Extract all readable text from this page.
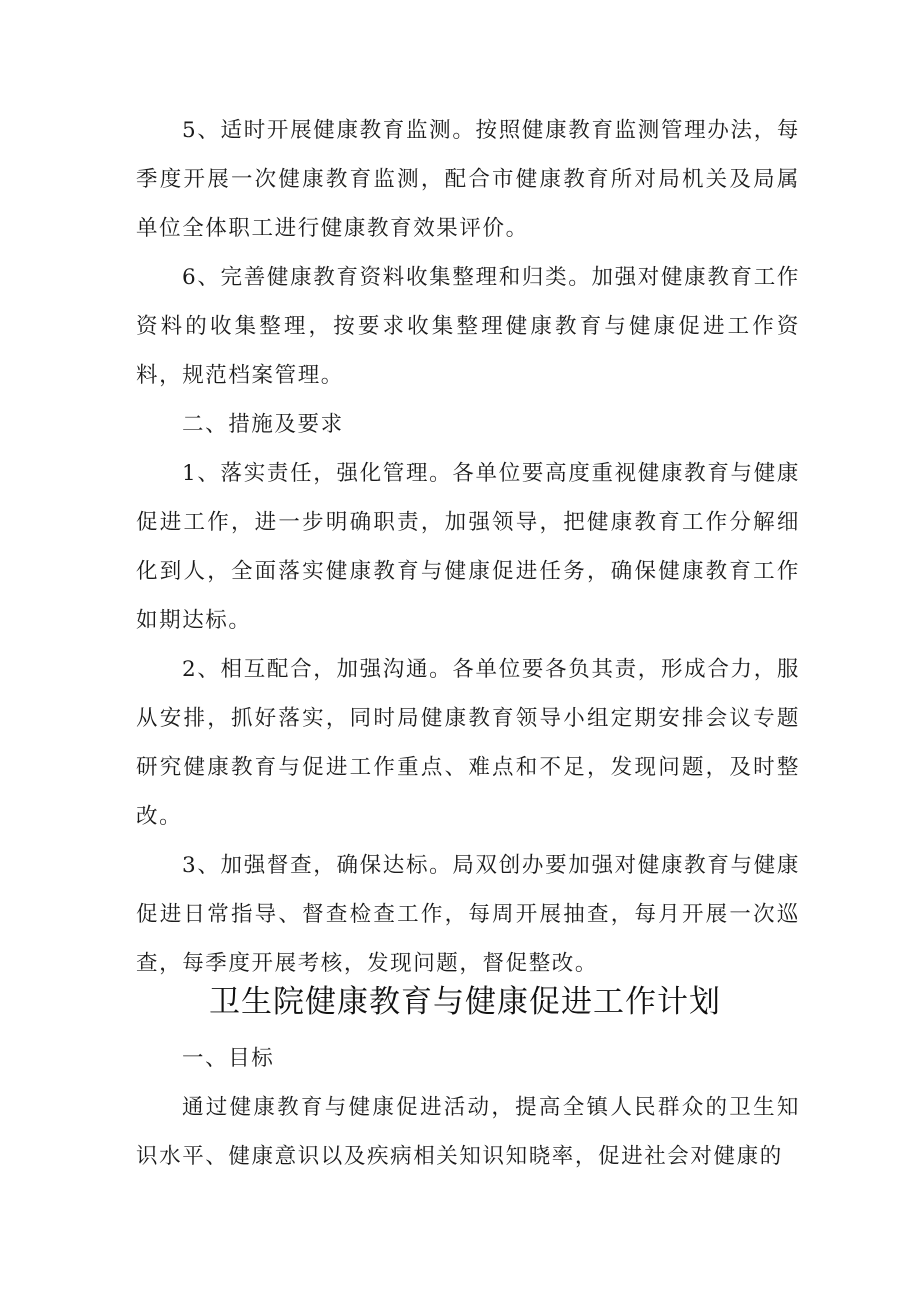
5、适时开展健康教育监测。按照健康教育监测管理办法，每季度开展一次健康教育监测，配合市健康教育所对局机关及局属单位全体职工进行健康教育效果评价。

6、完善健康教育资料收集整理和归类。加强对健康教育工作资料的收集整理，按要求收集整理健康教育与健康促进工作资料，规范档案管理。

二、措施及要求

1、落实责任，强化管理。各单位要高度重视健康教育与健康促进工作，进一步明确职责，加强领导，把健康教育工作分解细化到人，全面落实健康教育与健康促进任务，确保健康教育工作如期达标。

2、相互配合，加强沟通。各单位要各负其责，形成合力，服从安排，抓好落实，同时局健康教育领导小组定期安排会议专题研究健康教育与促进工作重点、难点和不足，发现问题，及时整改。

3、加强督查，确保达标。局双创办要加强对健康教育与健康促进日常指导、督查检查工作，每周开展抽查，每月开展一次巡查，每季度开展考核，发现问题，督促整改。

卫生院健康教育与健康促进工作计划

一、目标

通过健康教育与健康促进活动，提高全镇人民群众的卫生知识水平、健康意识以及疾病相关知识知晓率，促进社会对健康的
